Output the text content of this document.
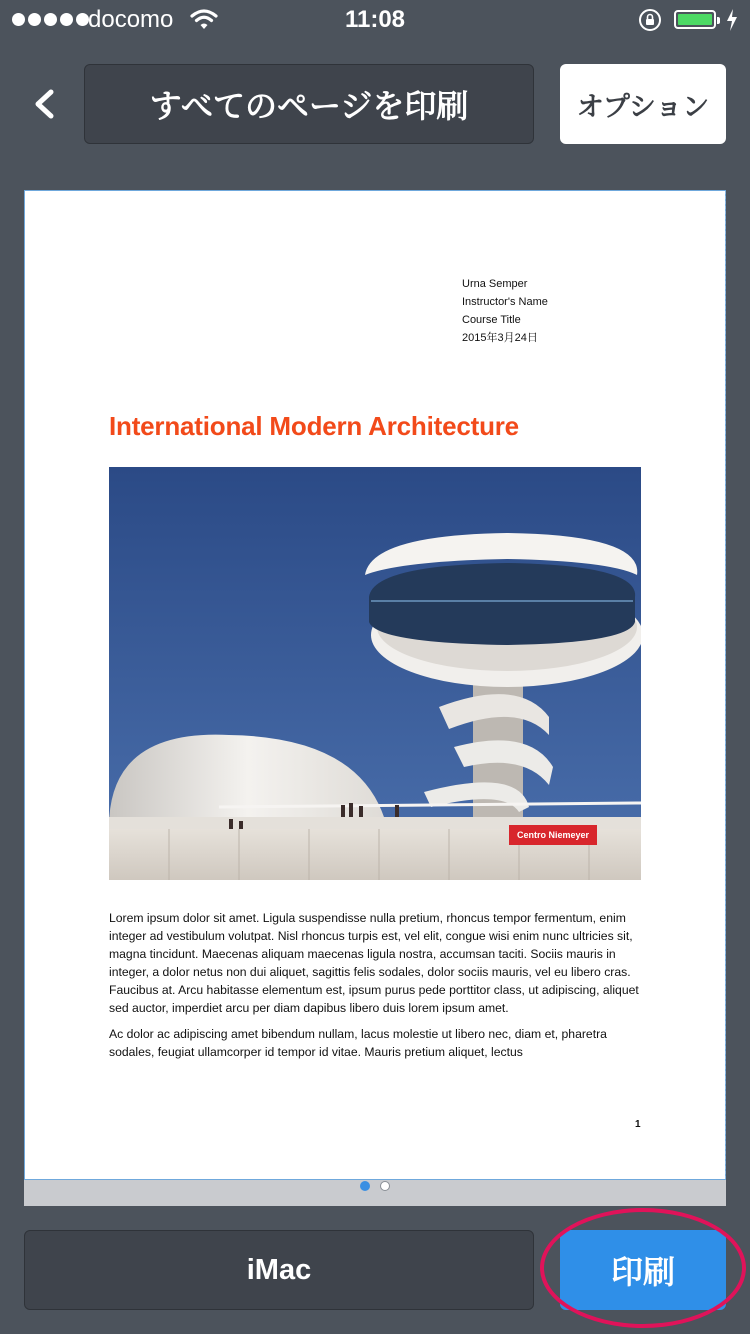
docomo	11:08
すべてのページを印刷	オプション
Urna Semper
Instructor's Name
Course Title
2015年3月24日
International Modern Architecture
Centro Niemeyer

Lorem ipsum dolor sit amet. Ligula suspendisse nulla pretium, rhoncus tempor fermentum, enim integer ad vestibulum volutpat. Nisl rhoncus turpis est, vel elit, congue wisi enim nunc ultricies sit, magna tincidunt. Maecenas aliquam maecenas ligula nostra, accumsan taciti. Sociis mauris in integer, a dolor netus non dui aliquet, sagittis felis sodales, dolor sociis mauris, vel eu libero cras. Faucibus at. Arcu habitasse elementum est, ipsum purus pede porttitor class, ut adipiscing, aliquet sed auctor, imperdiet arcu per diam dapibus libero duis lorem ipsum amet.

Ac dolor ac adipiscing amet bibendum nullam, lacus molestie ut libero nec, diam et, pharetra sodales, feugiat ullamcorper id tempor id vitae. Mauris pretium aliquet, lectus

1
iMac	印刷
